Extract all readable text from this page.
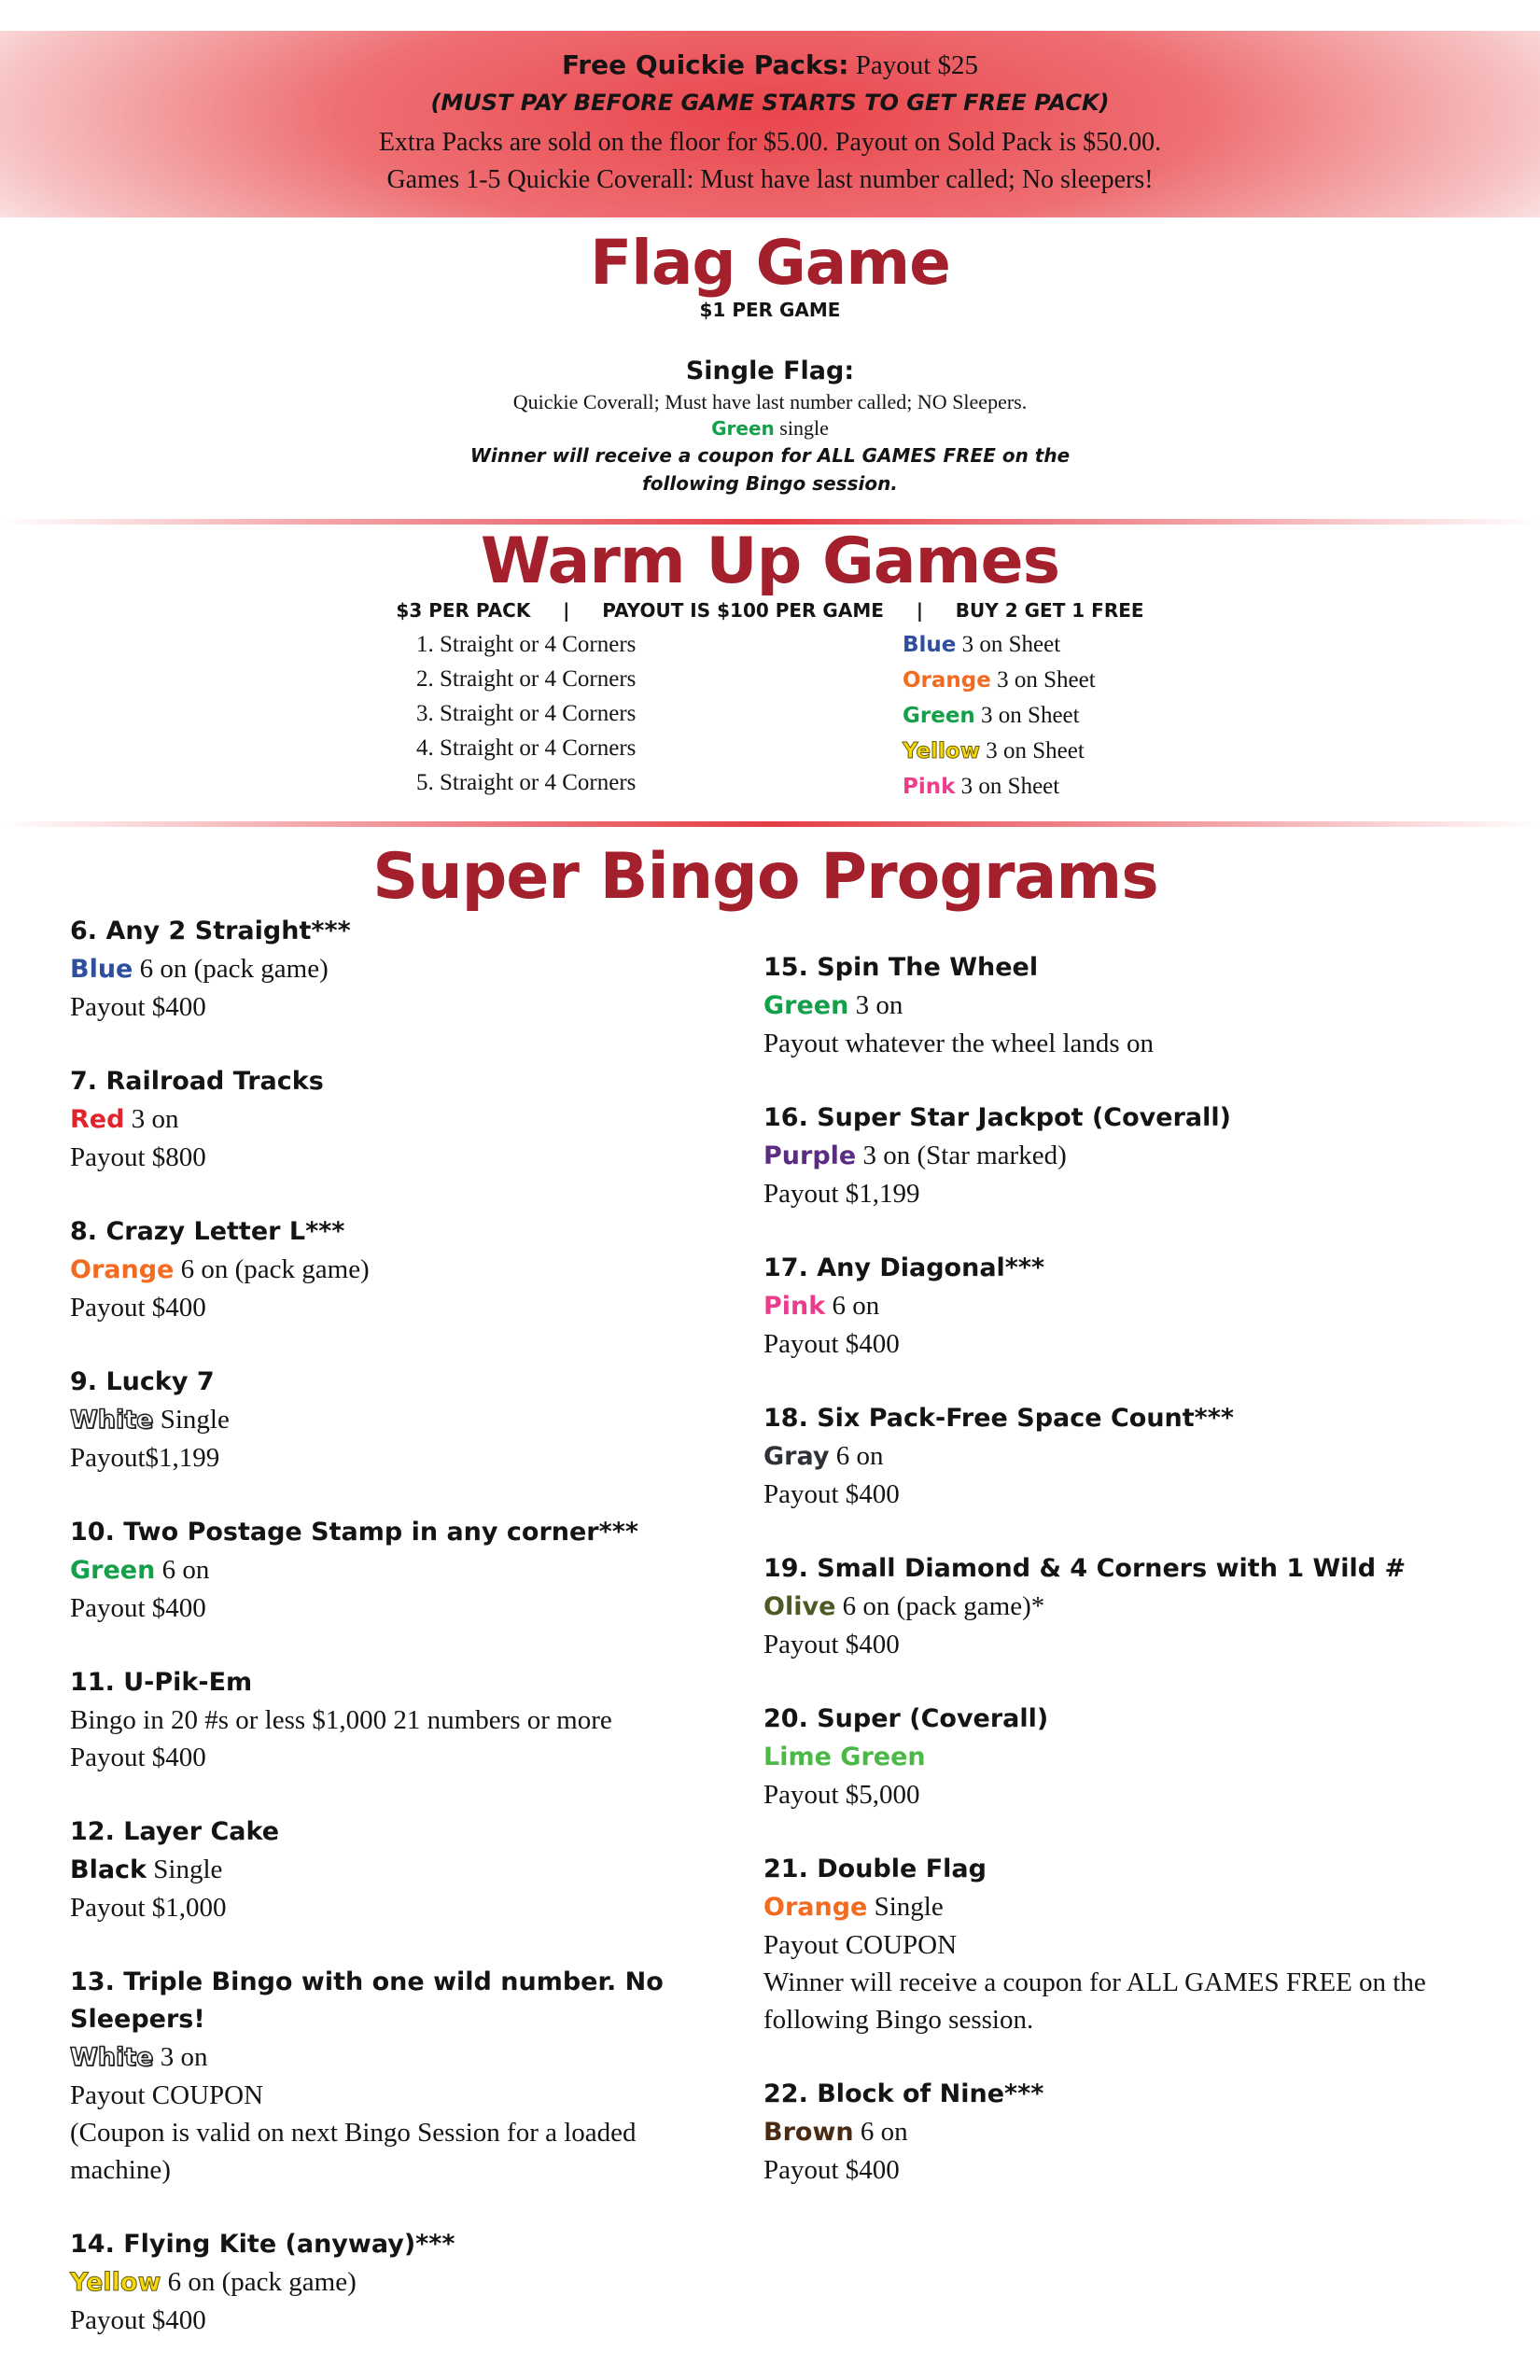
Free Quickie Packs: Payout $25
(MUST PAY BEFORE GAME STARTS TO GET FREE PACK)
Extra Packs are sold on the floor for $5.00. Payout on Sold Pack is $50.00.
Games 1-5 Quickie Coverall: Must have last number called; No sleepers!
Flag Game
$1 PER GAME
Single Flag:
Quickie Coverall; Must have last number called; NO Sleepers.
Green single
Winner will receive a coupon for ALL GAMES FREE on the
following Bingo session.
Warm Up Games
$3 PER PACK     |     PAYOUT IS $100 PER GAME     |     BUY 2 GET 1 FREE
1. Straight or 4 Corners
2. Straight or 4 Corners
3. Straight or 4 Corners
4. Straight or 4 Corners
5. Straight or 4 Corners
Blue 3 on Sheet
Orange 3 on Sheet
Green 3 on Sheet
Yellow 3 on Sheet
Pink 3 on Sheet
Super Bingo Programs
6. Any 2 Straight***
Blue 6 on (pack game)
Payout $400
7. Railroad Tracks
Red 3 on
Payout $800
8. Crazy Letter L***
Orange 6 on (pack game)
Payout $400
9. Lucky 7
White Single
Payout$1,199
10. Two Postage Stamp in any corner***
Green 6 on
Payout $400
11. U-Pik-Em
Bingo in 20 #s or less $1,000 21 numbers or more
Payout $400
12. Layer Cake
Black Single
Payout $1,000
13. Triple Bingo with one wild number. No Sleepers!
White 3 on
Payout COUPON
(Coupon is valid on next Bingo Session for a loaded machine)
14. Flying Kite (anyway)***
Yellow 6 on (pack game)
Payout $400
15. Spin The Wheel
Green 3 on
Payout whatever the wheel lands on
16. Super Star Jackpot (Coverall)
Purple 3 on (Star marked)
Payout $1,199
17. Any Diagonal***
Pink 6 on
Payout $400
18. Six Pack-Free Space Count***
Gray 6 on
Payout $400
19. Small Diamond & 4 Corners with 1 Wild #
Olive 6 on (pack game)*
Payout $400
20. Super (Coverall)
Lime Green
Payout $5,000
21. Double Flag
Orange Single
Payout COUPON
Winner will receive a coupon for ALL GAMES FREE on the following Bingo session.
22. Block of Nine***
Brown 6 on
Payout $400
